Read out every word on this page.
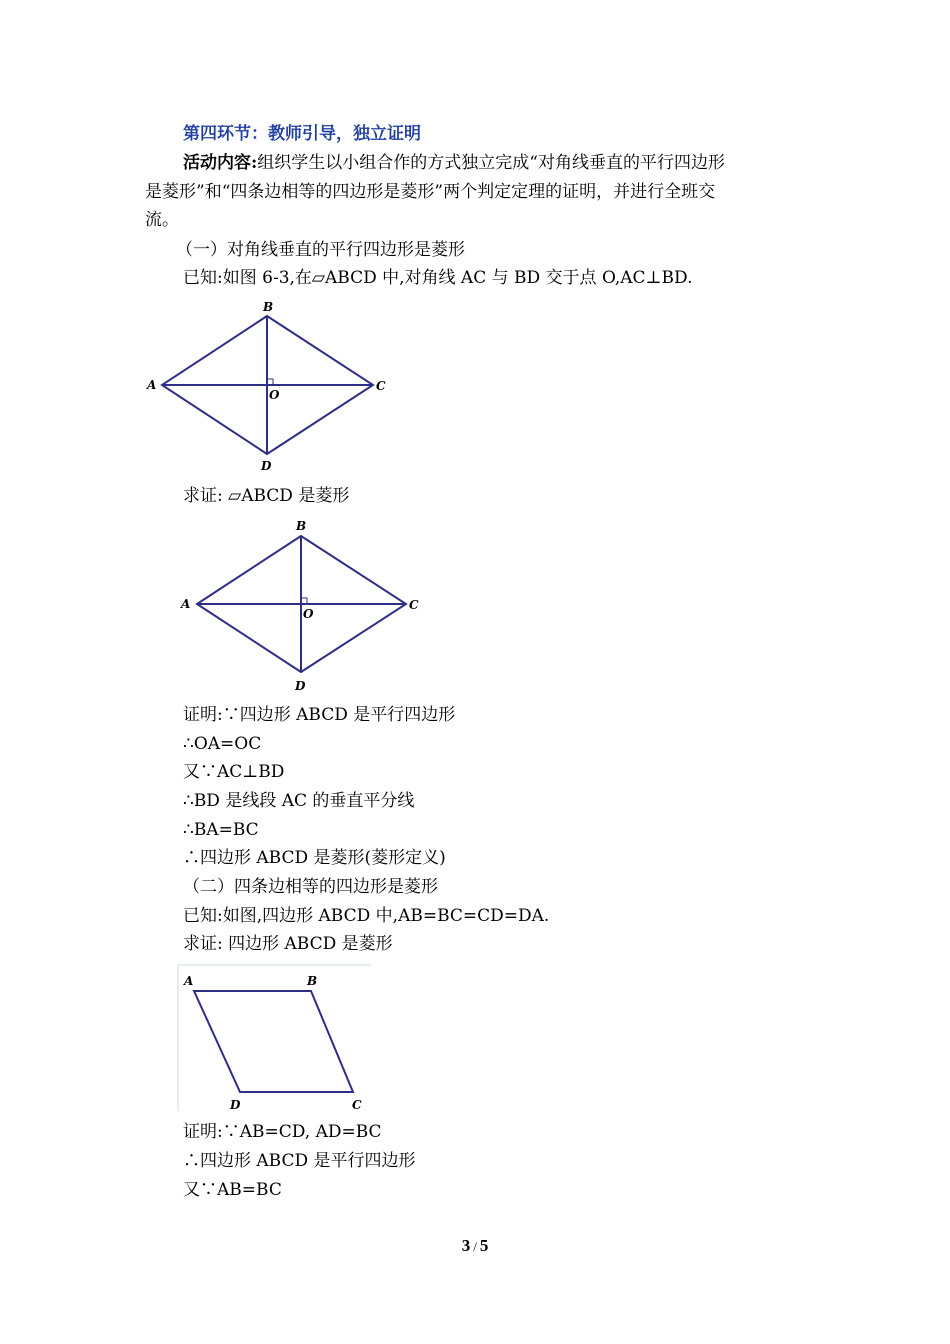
第四环节：教师引导，独立证明
活动内容:组织学生以小组合作的方式独立完成“对角线垂直的平行四边形
是菱形”和“四条边相等的四边形是菱形”两个判定定理的证明，并进行全班交
流。
（一）对角线垂直的平行四边形是菱形
已知:如图 6-3,在▱ABCD 中,对角线 AC 与 BD 交于点 O,AC⊥BD.
A
B
C
D
O
求证: ▱ABCD 是菱形
A
B
C
D
O
证明:∵四边形 ABCD 是平行四边形
∴OA=OC
又∵AC⊥BD
∴BD 是线段 AC 的垂直平分线
∴BA=BC
∴四边形 ABCD 是菱形(菱形定义)
（二）四条边相等的四边形是菱形
已知:如图,四边形 ABCD 中,AB=BC=CD=DA.
求证: 四边形 ABCD 是菱形
A	B
C
D
证明:∵AB=CD, AD=BC
∴四边形 ABCD 是平行四边形
又∵AB=BC
3 / 5
